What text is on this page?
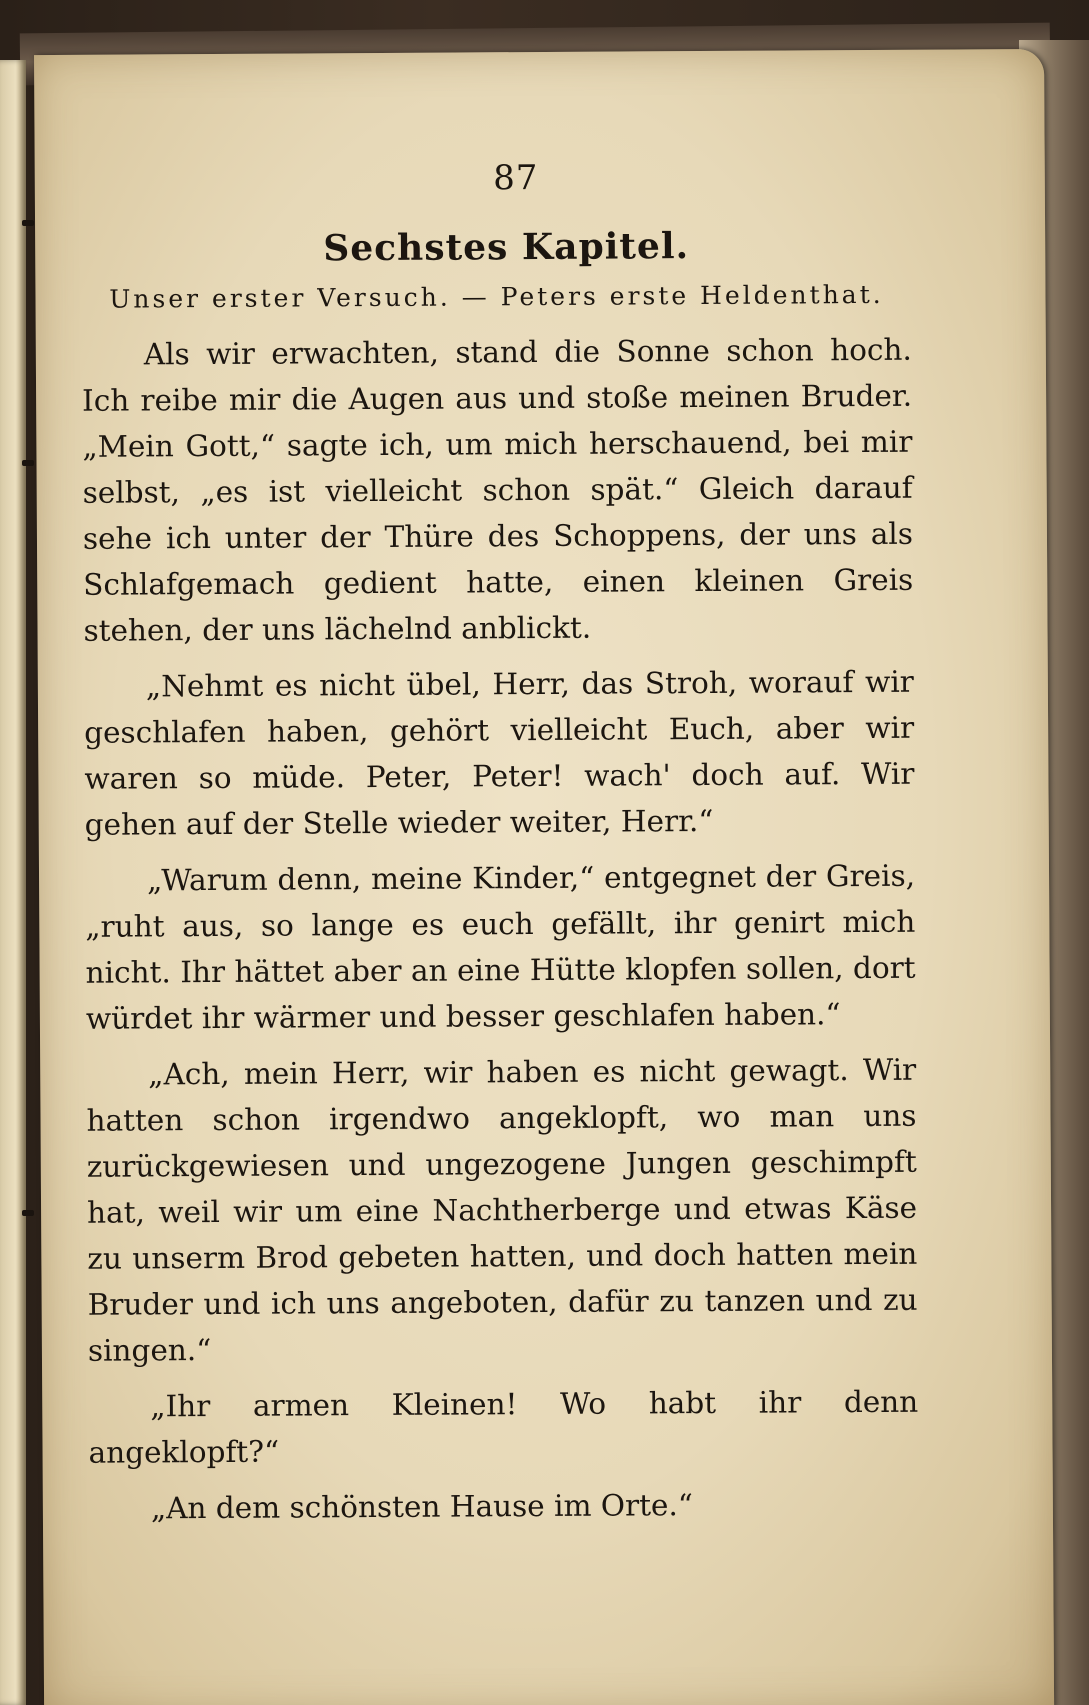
87
Sechstes Kapitel.
Unser erster Versuch. — Peters erste Heldenthat.

Als wir erwachten, stand die Sonne schon hoch. Ich reibe mir die Augen aus und stoße meinen Bruder. „Mein Gott,“ sagte ich, um mich herschauend, bei mir selbst, „es ist vielleicht schon spät.“ Gleich darauf sehe ich unter der Thüre des Schoppens, der uns als Schlafgemach gedient hatte, einen kleinen Greis stehen, der uns lächelnd anblickt.

„Nehmt es nicht übel, Herr, das Stroh, worauf wir geschlafen haben, gehört vielleicht Euch, aber wir waren so müde. Peter, Peter! wach' doch auf. Wir gehen auf der Stelle wieder weiter, Herr.“

„Warum denn, meine Kinder,“ entgegnet der Greis, „ruht aus, so lange es euch gefällt, ihr genirt mich nicht. Ihr hättet aber an eine Hütte klopfen sollen, dort würdet ihr wärmer und besser geschlafen haben.“

„Ach, mein Herr, wir haben es nicht gewagt. Wir hatten schon irgendwo angeklopft, wo man uns zurückgewiesen und ungezogene Jungen geschimpft hat, weil wir um eine Nachtherberge und etwas Käse zu unserm Brod gebeten hatten, und doch hatten mein Bruder und ich uns angeboten, dafür zu tanzen und zu singen.“

„Ihr armen Kleinen! Wo habt ihr denn angeklopft?“

„An dem schönsten Hause im Orte.“
